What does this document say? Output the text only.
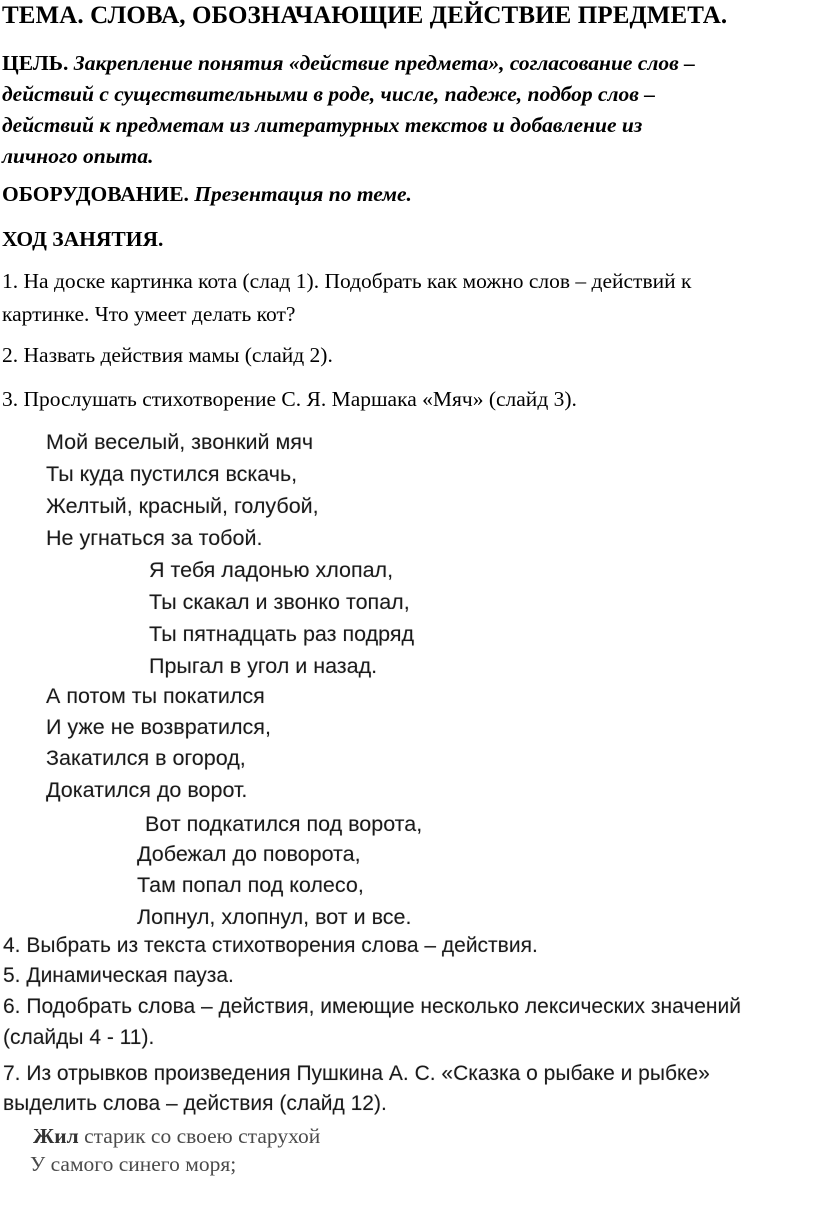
ТЕМА. СЛОВА, ОБОЗНАЧАЮЩИЕ ДЕЙСТВИЕ ПРЕДМЕТА.
ЦЕЛЬ. Закрепление понятия «действие предмета», согласование слов –
действий с существительными в роде, числе, падеже, подбор слов –
действий к предметам из литературных текстов и добавление из
личного опыта.
ОБОРУДОВАНИЕ. Презентация по теме.
ХОД ЗАНЯТИЯ.
1. На доске картинка кота (слад 1). Подобрать как можно слов – действий к
картинке. Что умеет делать кот?
2. Назвать действия мамы (слайд 2).
3. Прослушать стихотворение С. Я. Маршака «Мяч» (слайд 3).
Мой веселый, звонкий мяч
Ты куда пустился вскачь,
Желтый, красный, голубой,
Не угнаться за тобой.
Я тебя ладонью хлопал,
Ты скакал и звонко топал,
Ты пятнадцать раз подряд
Прыгал в угол и назад.
А потом ты покатился
И уже не возвратился,
Закатился в огород,
Докатился до ворот.
Вот подкатился под ворота,
Добежал до поворота,
Там попал под колесо,
Лопнул, хлопнул, вот и все.
4. Выбрать из текста стихотворения слова – действия.
5. Динамическая пауза.
6. Подобрать слова – действия, имеющие несколько лексических значений
(слайды 4 - 11).
7. Из отрывков произведения Пушкина А. С. «Сказка о рыбаке и рыбке»
выделить слова – действия (слайд 12).
Жил старик со своею старухой
У самого синего моря;
